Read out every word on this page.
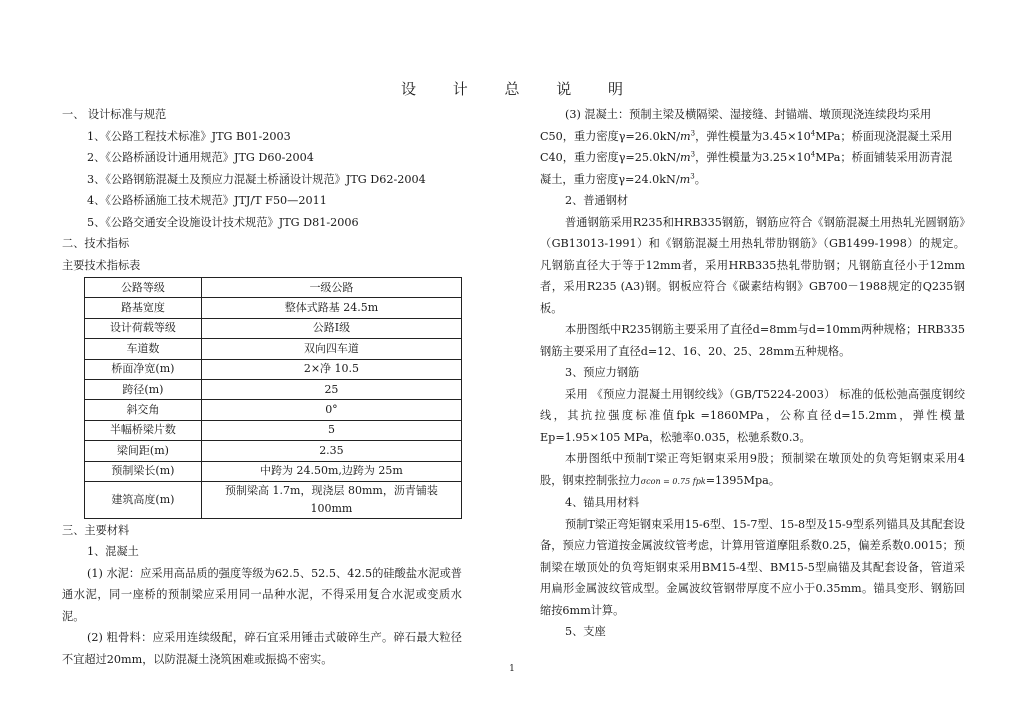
设 计 总 说 明
一、 设计标准与规范
1、《公路工程技术标准》JTG B01-2003
2、《公路桥涵设计通用规范》JTG D60-2004
3、《公路钢筋混凝土及预应力混凝土桥涵设计规范》JTG D62-2004
4、《公路桥涵施工技术规范》JTJ/T F50—2011
5、《公路交通安全设施设计技术规范》JTG D81-2006
二、技术指标
主要技术指标表
公路等级	一级公路
路基宽度	整体式路基 24.5m
设计荷载等级	公路Ⅰ级
车道数	双向四车道
桥面净宽(m)	2×净 10.5
跨径(m)	25
斜交角	0°
半幅桥梁片数	5
梁间距(m)	2.35
预制梁长(m)	中跨为 24.50m,边跨为 25m
建筑高度(m)	预制梁高 1.7m，现浇层 80mm，沥青铺装 100mm
三、主要材料
1、混凝土
(1) 水泥：应采用高品质的强度等级为62.5、52.5、42.5的硅酸盐水泥或普通水泥，同一座桥的预制梁应采用同一品种水泥，不得采用复合水泥或变质水泥。
(2) 粗骨料：应采用连续级配，碎石宜采用锤击式破碎生产。碎石最大粒径不宜超过20mm，以防混凝土浇筑困难或振捣不密实。
(3) 混凝土：预制主梁及横隔梁、湿接缝、封锚端、墩顶现浇连续段均采用
C50，重力密度$\gamma=26.0kN/m^3$，弹性模量为$3.45\times 10^4MPa$；桥面现浇混凝土采用
C40，重力密度$\gamma=25.0kN/m^3$，弹性模量为$3.25\times 10^4MPa$；桥面铺装采用沥青混
凝土，重力密度$\gamma=24.0kN/m^3$。
2、普通钢材
普通钢筋采用R235和HRB335钢筋，钢筋应符合《钢筋混凝土用热轧光圆钢筋》（GB13013-1991）和《钢筋混凝土用热轧带肋钢筋》（GB1499-1998）的规定。凡钢筋直径大于等于12mm者，采用HRB335热轧带肋钢；凡钢筋直径小于12mm者，采用R235 (A3)钢。钢板应符合《碳素结构钢》GB700－1988规定的Q235钢板。
本册图纸中R235钢筋主要采用了直径d=8mm与d=10mm两种规格；HRB335钢筋主要采用了直径d=12、16、20、25、28mm五种规格。
3、预应力钢筋
采用 《预应力混凝土用钢绞线》（GB/T5224-2003） 标准的低松弛高强度钢绞线，其抗拉强度标准值fpk =1860MPa，公称直径d=15.2mm，弹性模量Ep=1.95×105 MPa，松驰率0.035，松驰系数0.3。
本册图纸中预制T梁正弯矩钢束采用9股；预制梁在墩顶处的负弯矩钢束采用4股，钢束控制张拉力σcon = 0.75 fpk=1395Mpa。
4、锚具用材料
预制T梁正弯矩钢束采用15-6型、15-7型、15-8型及15-9型系列锚具及其配套设备，预应力管道按金属波纹管考虑，计算用管道摩阻系数0.25，偏差系数0.0015；预制梁在墩顶处的负弯矩钢束采用BM15-4型、BM15-5型扁锚及其配套设备，管道采用扁形金属波纹管成型。金属波纹管钢带厚度不应小于0.35mm。锚具变形、钢筋回缩按6mm计算。
5、支座
1
